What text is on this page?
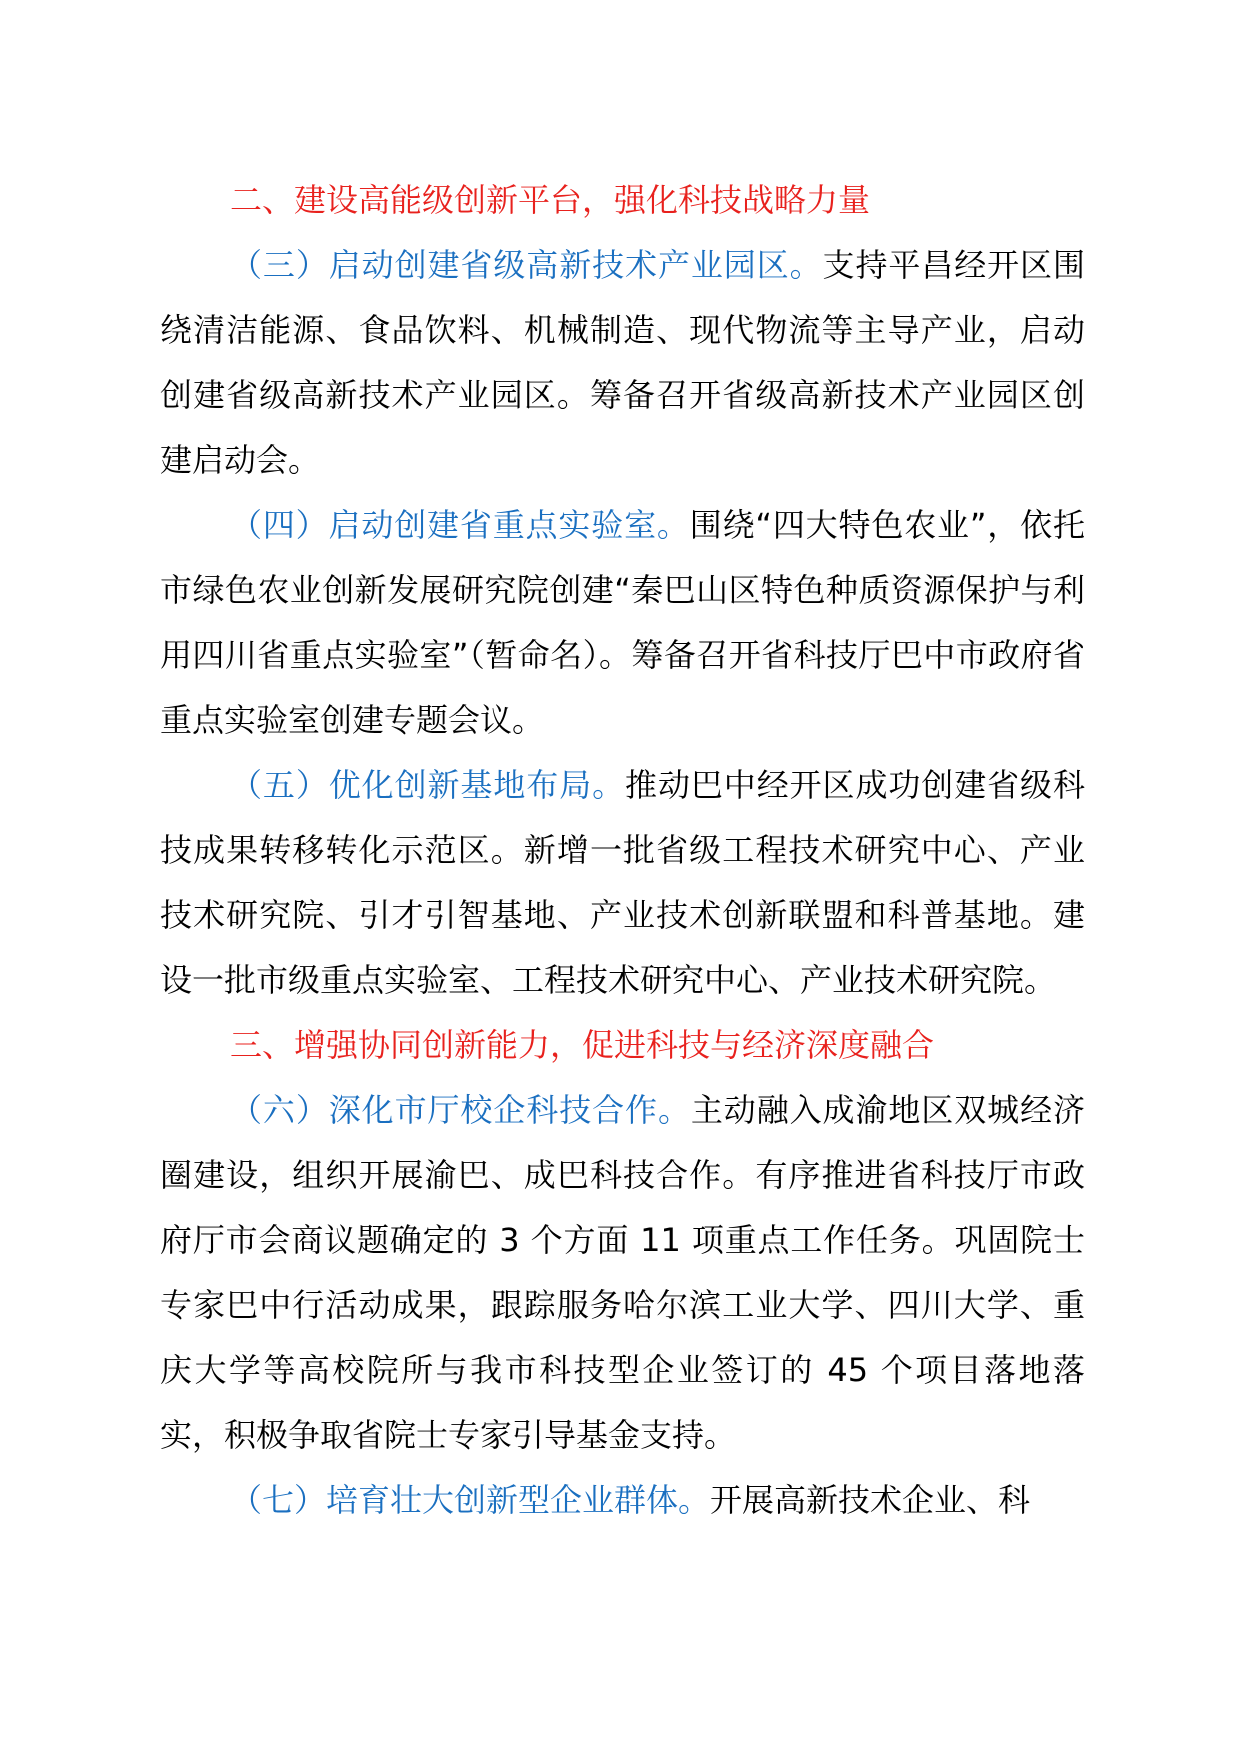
二、建设高能级创新平台，强化科技战略力量

（三）启动创建省级高新技术产业园区。支持平昌经开区围绕清洁能源、食品饮料、机械制造、现代物流等主导产业，启动创建省级高新技术产业园区。筹备召开省级高新技术产业园区创建启动会。

（四）启动创建省重点实验室。围绕“四大特色农业”，依托市绿色农业创新发展研究院创建“秦巴山区特色种质资源保护与利用四川省重点实验室”（暂命名）。筹备召开省科技厅巴中市政府省重点实验室创建专题会议。

（五）优化创新基地布局。推动巴中经开区成功创建省级科技成果转移转化示范区。新增一批省级工程技术研究中心、产业技术研究院、引才引智基地、产业技术创新联盟和科普基地。建设一批市级重点实验室、工程技术研究中心、产业技术研究院。

三、增强协同创新能力，促进科技与经济深度融合

（六）深化市厅校企科技合作。主动融入成渝地区双城经济圈建设，组织开展渝巴、成巴科技合作。有序推进省科技厅市政府厅市会商议题确定的 3 个方面 11 项重点工作任务。巩固院士专家巴中行活动成果，跟踪服务哈尔滨工业大学、四川大学、重庆大学等高校院所与我市科技型企业签订的 45 个项目落地落实，积极争取省院士专家引导基金支持。

（七）培育壮大创新型企业群体。开展高新技术企业、科
